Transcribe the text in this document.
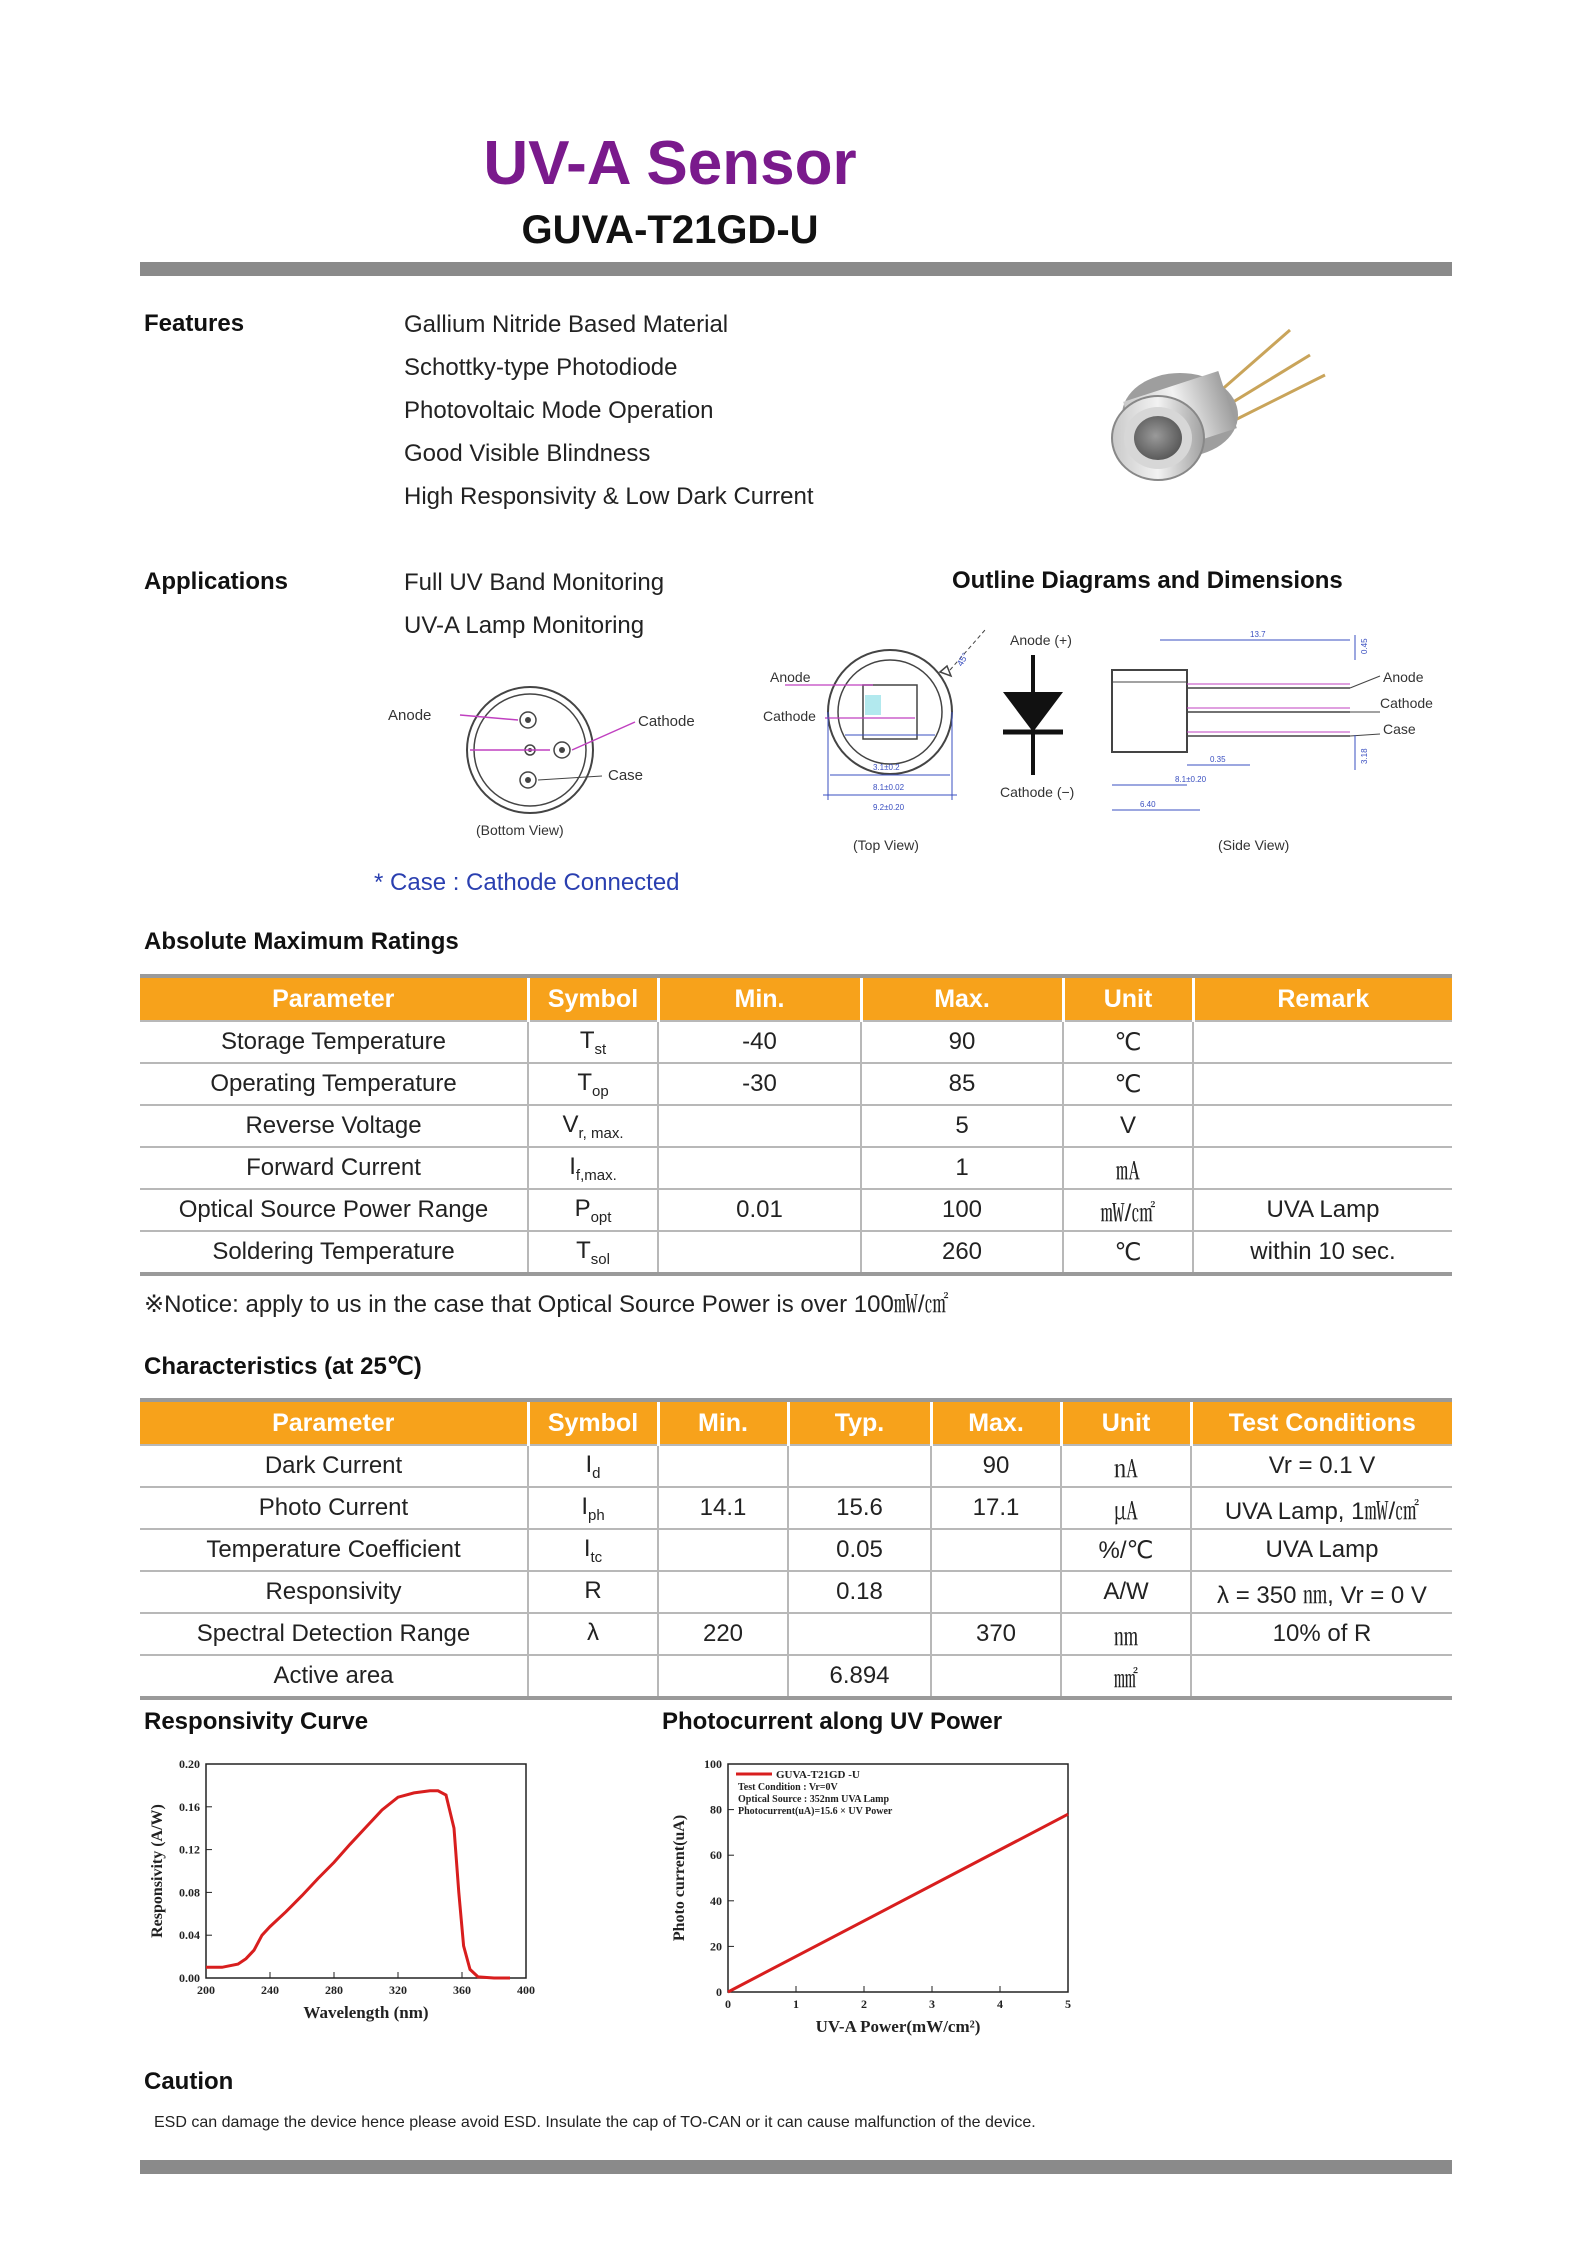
UV-A Sensor
GUVA-T21GD-U
Features	Gallium Nitride Based Material
Schottky-type Photodiode
Photovoltaic Mode Operation
Good Visible Blindness
High Responsivity & Low Dark Current
Applications	Full UV Band Monitoring
UV-A Lamp Monitoring
Outline Diagrams and Dimensions
Anode	Cathode
Case
(Bottom View)
3.1±0.2
8.1±0.02
9.2±0.20
45°
Anode
Cathode
(Top View)
Anode (+)
Cathode (−)
13.7
0.45
0.35
8.1±0.20
6.40
3.18
Anode
Cathode
Case
(Side View)
* Case : Cathode Connected
Absolute Maximum Ratings
Parameter	Symbol	Min.	Max.	Unit	Remark
Storage Temperature	$T_{st}$	-40	90	℃	
Operating Temperature	$T_{op}$	-30	85	℃	
Reverse Voltage	$V_{r, max.}$		5	V	
Forward Current	$I_{f,max.}$		1	㎃	
Optical Source Power Range	$P_{opt}$	0.01	100	㎽/㎠	UVA Lamp
Soldering Temperature	$T_{sol}$		260	℃	within 10 sec.
※Notice: apply to us in the case that Optical Source Power is over 100㎽/㎠
Characteristics (at 25℃)
Parameter	Symbol	Min.	Typ.	Max.	Unit	Test Conditions
Dark Current	$I_d$			90	㎁	Vr = 0.1 V
Photo Current	$I_{ph}$	14.1	15.6	17.1	㎂	UVA Lamp, 1㎽/㎠
Temperature Coefficient	$I_{tc}$		0.05		%/℃	UVA Lamp
Responsivity	R		0.18		A/W	λ = 350 ㎚, Vr = 0 V
Spectral Detection Range	λ	220		370	㎚	10% of R
Active area			6.894		㎟	
Responsivity Curve	Photocurrent along UV Power
200	240	280	320	360	400
0.00
0.04
0.08
0.12
0.16
0.20
Wavelength (nm)
Responsivity (A/W)
0	1	2	3	4	5
0
20
40
60
80
100
UV-A Power(mW/cm²)
Photo current(uA)
GUVA-T21GD -U
Test Condition : Vr=0V
Optical Source : 352nm UVA Lamp
Photocurrent(uA)=15.6 × UV Power
Caution
ESD can damage the device hence please avoid ESD. Insulate the cap of TO-CAN or it can cause malfunction of the device.
